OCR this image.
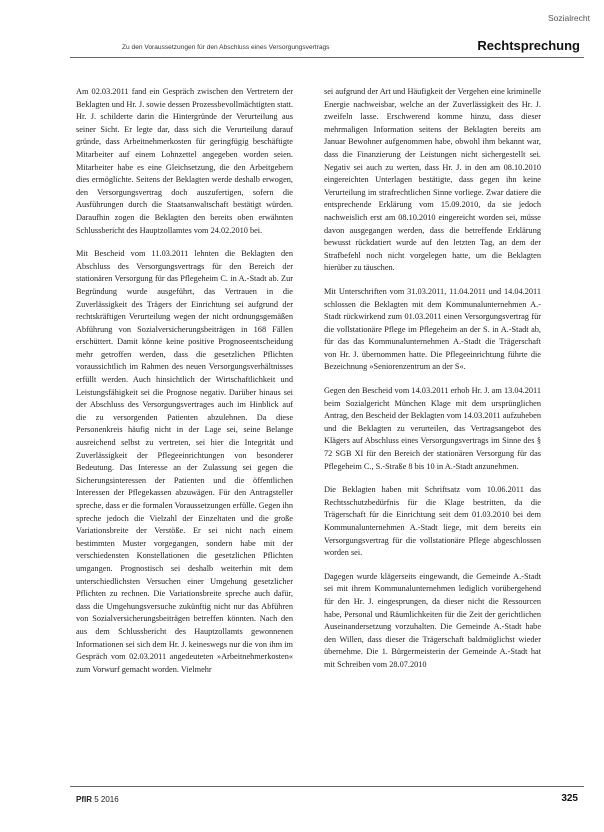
Sozialrecht
Zu den Voraussetzungen für den Abschluss eines Versorgungsvertrags	Rechtsprechung

Am 02.03.2011 fand ein Gespräch zwischen den Vertretern der Beklagten und Hr. J. sowie dessen Prozessbevollmächtigten statt. Hr. J. schilderte darin die Hintergründe der Verurteilung aus seiner Sicht. Er legte dar, dass sich die Verurteilung darauf gründe, dass Arbeitnehmerkosten für geringfügig beschäftigte Mitarbeiter auf einem Lohnzettel angegeben worden seien. Mitarbeiter habe es eine Gleichsetzung, die den Arbeitgebern dies ermöglichte. Seitens der Beklagten werde deshalb erwogen, den Versorgungsvertrag doch auszufertigen, sofern die Ausführungen durch die Staatsanwaltschaft bestätigt würden. Daraufhin zogen die Beklagten den bereits oben erwähnten Schlussbericht des Hauptzollamtes vom 24.02.2010 bei.

Mit Bescheid vom 11.03.2011 lehnten die Beklagten den Abschluss des Versorgungsvertrags für den Bereich der stationären Versorgung für das Pflegeheim C. in A.-Stadt ab. Zur Begründung wurde ausgeführt, das Vertrauen in die Zuverlässigkeit des Trägers der Einrichtung sei aufgrund der rechtskräftigen Verurteilung wegen der nicht ordnungsgemäßen Abführung von Sozialversicherungsbeiträgen in 168 Fällen erschüttert. Damit könne keine positive Prognoseentscheidung mehr getroffen werden, dass die gesetzlichen Pflichten voraussichtlich im Rahmen des neuen Versorgungsverhältnisses erfüllt werden. Auch hinsichtlich der Wirtschaftlichkeit und Leistungsfähigkeit sei die Prognose negativ. Darüber hinaus sei der Abschluss des Versorgungsvertrages auch im Hinblick auf die zu versorgenden Patienten abzulehnen. Da diese Personenkreis häufig nicht in der Lage sei, seine Belange ausreichend selbst zu vertreten, sei hier die Integrität und Zuverlässigkeit der Pflegeeinrichtungen von besonderer Bedeutung. Das Interesse an der Zulassung sei gegen die Sicherungsinteressen der Patienten und die öffentlichen Interessen der Pflegekassen abzuwägen. Für den Antragsteller spreche, dass er die formalen Voraussetzungen erfülle. Gegen ihn spreche jedoch die Vielzahl der Einzeltaten und die große Variationsbreite der Verstöße. Er sei nicht nach einem bestimmten Muster vorgegangen, sondern habe mit der verschiedensten Konstellationen die gesetzlichen Pflichten umgangen. Prognostisch sei deshalb weiterhin mit dem unterschiedlichsten Versuchen einer Umgehung gesetzlicher Pflichten zu rechnen. Die Variationsbreite spreche auch dafür, dass die Umgehungsversuche zukünftig nicht nur das Abführen von Sozialversicherungsbeiträgen betreffen könnten. Nach den aus dem Schlussbericht des Hauptzollamts gewonnenen Informationen sei sich dem Hr. J. keineswegs nur die von ihm im Gespräch vom 02.03.2011 angedeuteten »Arbeitnehmerkosten« zum Vorwurf gemacht worden. Vielmehr

sei aufgrund der Art und Häufigkeit der Vergehen eine kriminelle Energie nachweisbar, welche an der Zuverlässigkeit des Hr. J. zweifeln lasse. Erschwerend komme hinzu, dass dieser mehrmaligen Information seitens der Beklagten bereits am Januar Bewohner aufgenommen habe, obwohl ihm bekannt war, dass die Finanzierung der Leistungen nicht sichergestellt sei. Negativ sei auch zu werten, dass Hr. J. in den am 08.10.2010 eingereichten Unterlagen bestätigte, dass gegen ihn keine Verurteilung im strafrechtlichen Sinne vorliege. Zwar datiere die entsprechende Erklärung vom 15.09.2010, da sie jedoch nachweislich erst am 08.10.2010 eingereicht worden sei, müsse davon ausgegangen werden, dass die betreffende Erklärung bewusst rückdatiert wurde auf den letzten Tag, an dem der Strafbefehl noch nicht vorgelegen hatte, um die Beklagten hierüber zu täuschen.

Mit Unterschriften vom 31.03.2011, 11.04.2011 und 14.04.2011 schlossen die Beklagten mit dem Kommunalunternehmen A.-Stadt rückwirkend zum 01.03.2011 einen Versorgungsvertrag für die vollstationäre Pflege im Pflegeheim an der S. in A.-Stadt ab, für das das Kommunalunternehmen A.-Stadt die Trägerschaft von Hr. J. übernommen hatte. Die Pflegeeinrichtung führte die Bezeichnung »Seniorenzentrum an der S«.

Gegen den Bescheid vom 14.03.2011 erhob Hr. J. am 13.04.2011 beim Sozialgericht München Klage mit dem ursprünglichen Antrag, den Bescheid der Beklagten vom 14.03.2011 aufzuheben und die Beklagten zu verurteilen, das Vertragsangebot des Klägers auf Abschluss eines Versorgungsvertrags im Sinne des § 72 SGB XI für den Bereich der stationären Versorgung für das Pflegeheim C., S.-Straße 8 bis 10 in A.-Stadt anzunehmen.

Die Beklagten haben mit Schriftsatz vom 10.06.2011 das Rechtsschutzbedürfnis für die Klage bestritten, da die Trägerschaft für die Einrichtung seit dem 01.03.2010 bei dem Kommunalunternehmen A.-Stadt liege, mit dem bereits ein Versorgungsvertrag für die vollstationäre Pflege abgeschlossen worden sei.

Dagegen wurde klägerseits eingewandt, die Gemeinde A.-Stadt sei mit ihrem Kommunalunternehmen lediglich vorübergehend für den Hr. J. eingesprungen, da dieser nicht die Ressourcen habe, Personal und Räumlichkeiten für die Zeit der gerichtlichen Auseinandersetzung vorzuhalten. Die Gemeinde A.-Stadt habe den Willen, dass dieser die Trägerschaft baldmöglichst wieder übernehme. Die 1. Bürgermeisterin der Gemeinde A.-Stadt hat mit Schreiben vom 28.07.2010

PflR 5 2016	325
